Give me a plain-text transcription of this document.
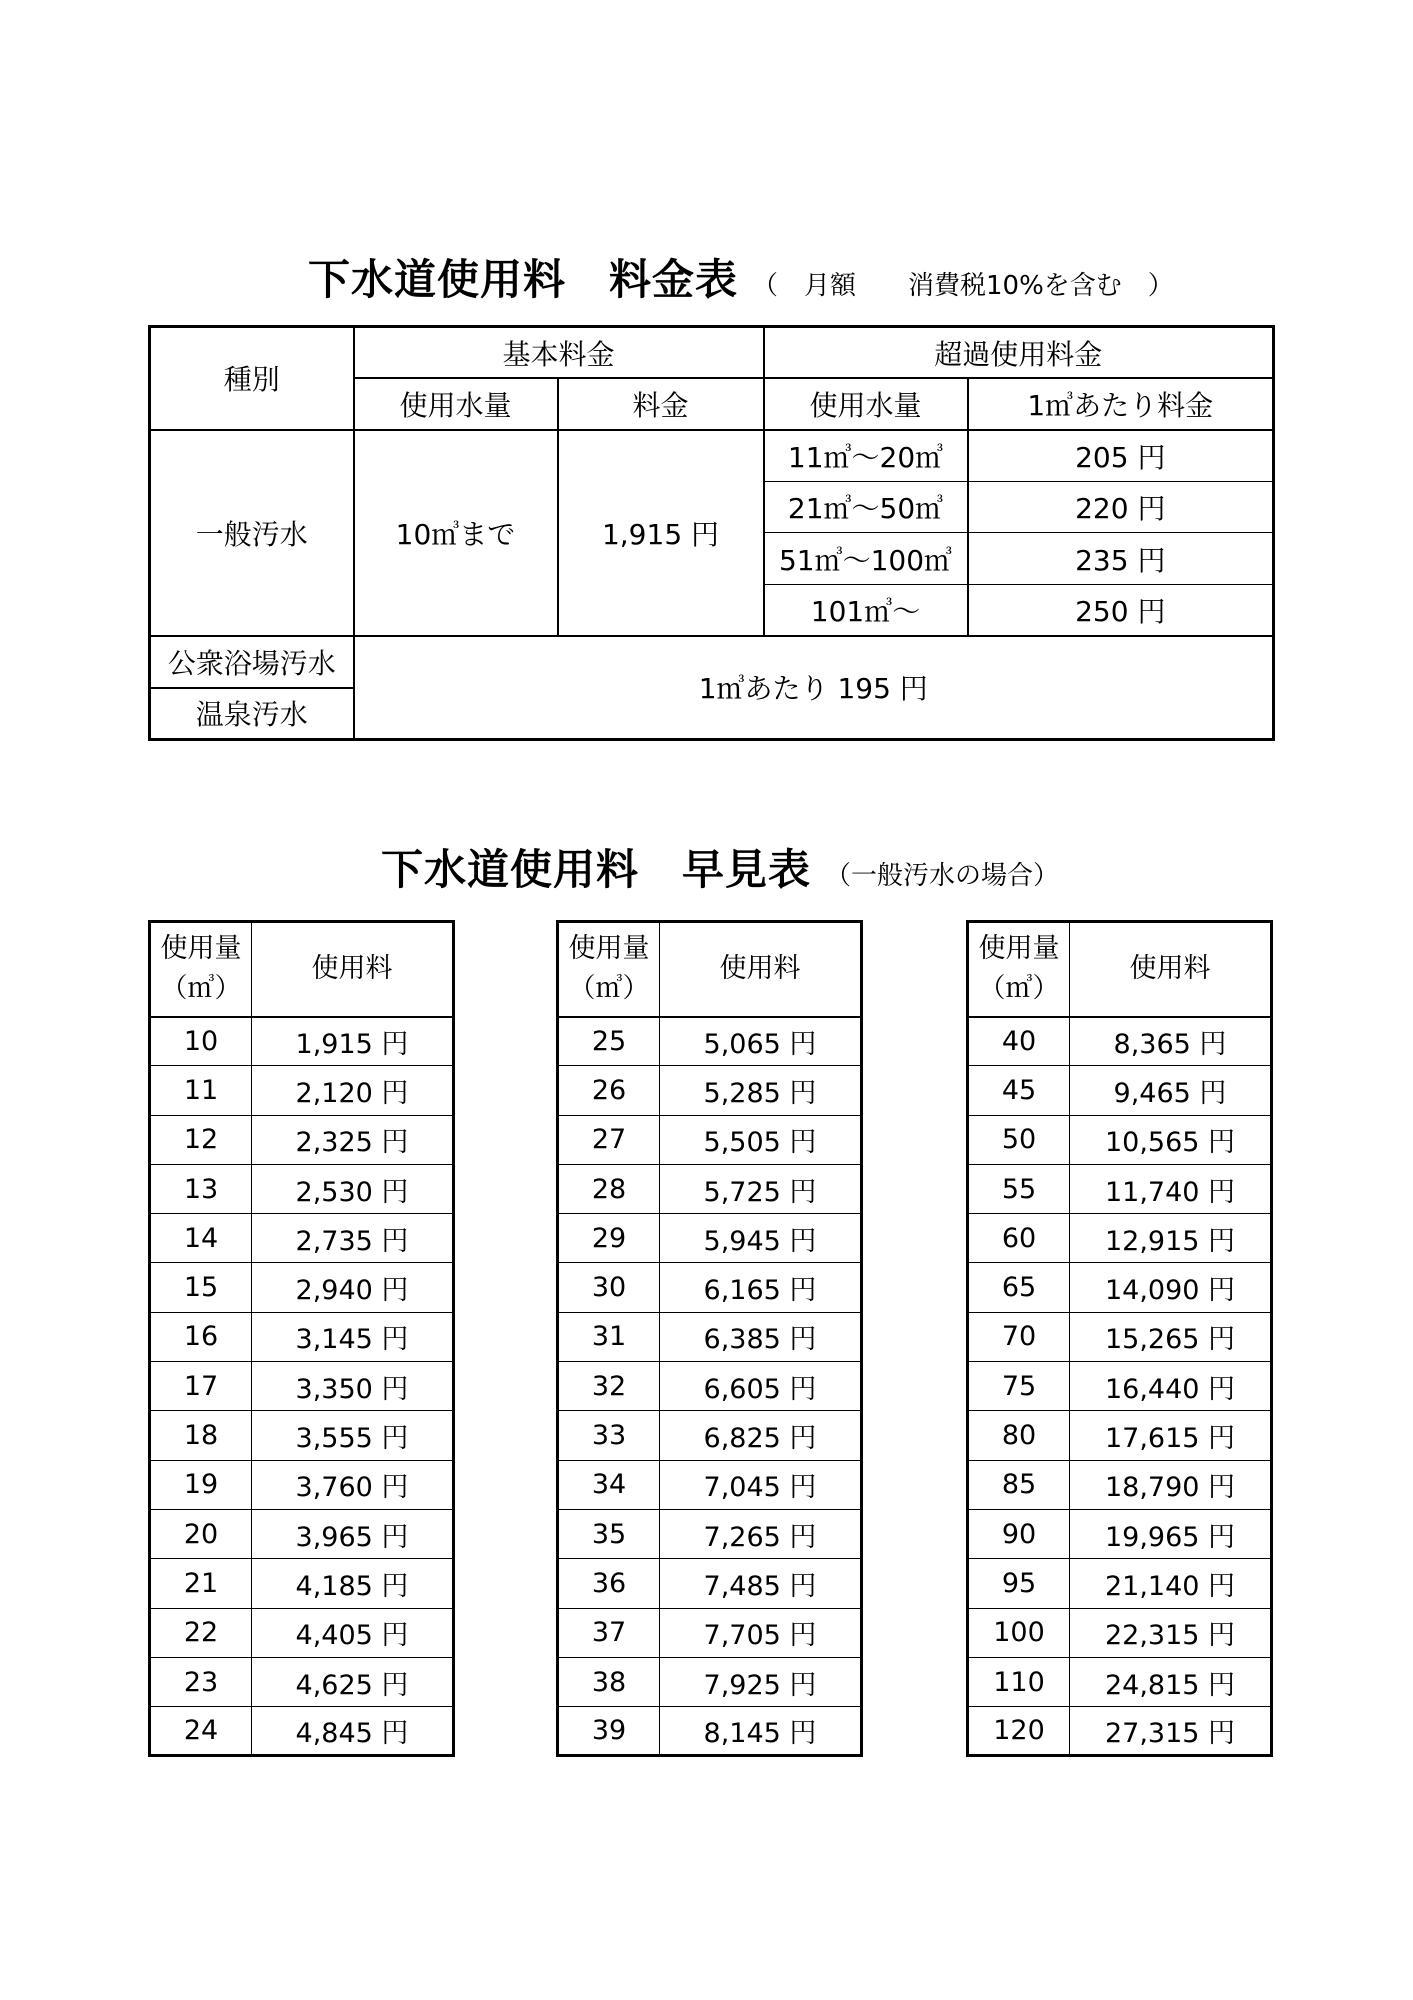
下水道使用料　料金表 （　月額　　消費税10%を含む　）
種別	基本料金		超過使用料金	
	使用水量	料金	使用水量	1㎥あたり料金
一般汚水	10㎥まで	1,915 円	11㎥～20㎥	205 円
			21㎥～50㎥	220 円
			51㎥～100㎥	235 円
			101㎥～	250 円
公衆浴場汚水	1㎥あたり 195 円			
温泉汚水				
下水道使用料　早見表 （一般汚水の場合）
使用量
（㎥）	使用料
10	1,915 円
11	2,120 円
12	2,325 円
13	2,530 円
14	2,735 円
15	2,940 円
16	3,145 円
17	3,350 円
18	3,555 円
19	3,760 円
20	3,965 円
21	4,185 円
22	4,405 円
23	4,625 円
24	4,845 円
使用量
（㎥）	使用料
25	5,065 円
26	5,285 円
27	5,505 円
28	5,725 円
29	5,945 円
30	6,165 円
31	6,385 円
32	6,605 円
33	6,825 円
34	7,045 円
35	7,265 円
36	7,485 円
37	7,705 円
38	7,925 円
39	8,145 円
使用量
（㎥）	使用料
40	8,365 円
45	9,465 円
50	10,565 円
55	11,740 円
60	12,915 円
65	14,090 円
70	15,265 円
75	16,440 円
80	17,615 円
85	18,790 円
90	19,965 円
95	21,140 円
100	22,315 円
110	24,815 円
120	27,315 円
